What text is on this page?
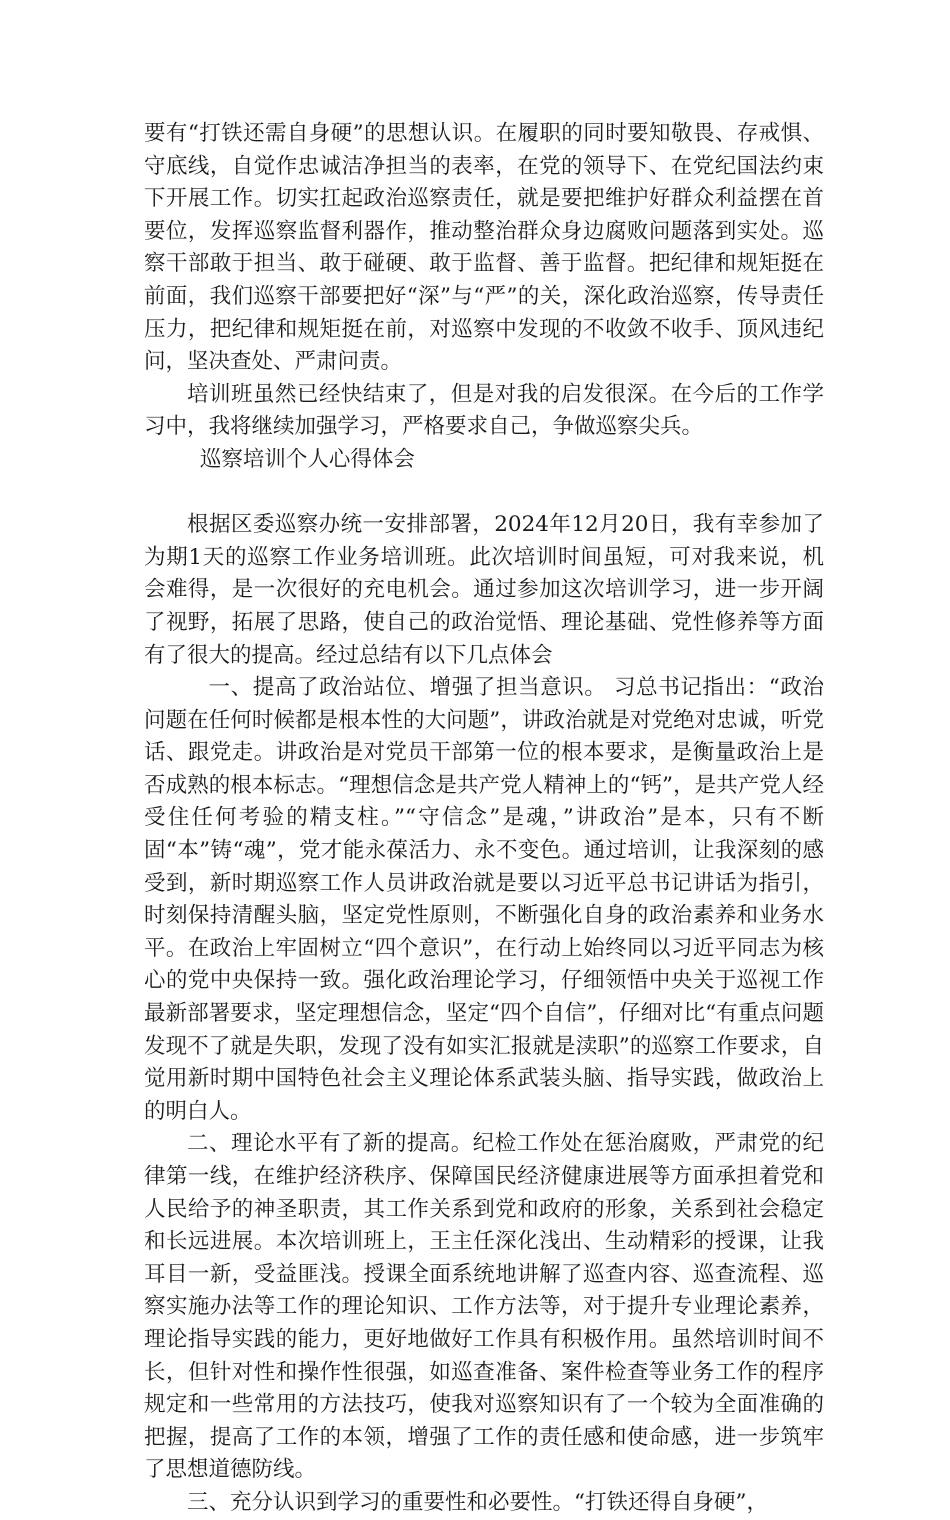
要有“打铁还需自身硬”的思想认识。在履职的同时要知敬畏、存戒惧、守底线，自觉作忠诚洁净担当的表率，在党的领导下、在党纪国法约束下开展工作。切实扛起政治巡察责任，就是要把维护好群众利益摆在首要位，发挥巡察监督利器作，推动整治群众身边腐败问题落到实处。巡察干部敢于担当、敢于碰硬、敢于监督、善于监督。把纪律和规矩挺在前面，我们巡察干部要把好“深”与“严”的关，深化政治巡察，传导责任压力，把纪律和规矩挺在前，对巡察中发现的不收敛不收手、顶风违纪问，坚决查处、严肃问责。

培训班虽然已经快结束了，但是对我的启发很深。在今后的工作学习中，我将继续加强学习，严格要求自己，争做巡察尖兵。

巡察培训个人心得体会

根据区委巡察办统一安排部署，2024年12月20日，我有幸参加了为期1天的巡察工作业务培训班。此次培训时间虽短，可对我来说，机会难得，是一次很好的充电机会。通过参加这次培训学习，进一步开阔了视野，拓展了思路，使自己的政治觉悟、理论基础、党性修养等方面有了很大的提高。经过总结有以下几点体会

一、提高了政治站位、增强了担当意识。 习总书记指出：“政治问题在任何时候都是根本性的大问题”，讲政治就是对党绝对忠诚，听党话、跟党走。讲政治是对党员干部第一位的根本要求，是衡量政治上是否成熟的根本标志。“理想信念是共产党人精神上的“钙”，是共产党人经受住任何考验的精支柱。”“守信念”是魂，”讲政治”是本，只有不断固“本”铸“魂”，党才能永葆活力、永不变色。通过培训，让我深刻的感受到，新时期巡察工作人员讲政治就是要以习近平总书记讲话为指引，时刻保持清醒头脑，坚定党性原则，不断强化自身的政治素养和业务水平。在政治上牢固树立“四个意识”，在行动上始终同以习近平同志为核心的党中央保持一致。强化政治理论学习，仔细领悟中央关于巡视工作最新部署要求，坚定理想信念，坚定“四个自信”，仔细对比“有重点问题发现不了就是失职，发现了没有如实汇报就是渎职”的巡察工作要求，自觉用新时期中国特色社会主义理论体系武装头脑、指导实践，做政治上的明白人。

二、理论水平有了新的提高。纪检工作处在惩治腐败，严肃党的纪律第一线，在维护经济秩序、保障国民经济健康进展等方面承担着党和人民给予的神圣职责，其工作关系到党和政府的形象，关系到社会稳定和长远进展。本次培训班上，王主任深化浅出、生动精彩的授课，让我耳目一新，受益匪浅。授课全面系统地讲解了巡查内容、巡查流程、巡察实施办法等工作的理论知识、工作方法等，对于提升专业理论素养，理论指导实践的能力，更好地做好工作具有积极作用。虽然培训时间不长，但针对性和操作性很强，如巡查准备、案件检查等业务工作的程序规定和一些常用的方法技巧，使我对巡察知识有了一个较为全面准确的把握，提高了工作的本领，增强了工作的责任感和使命感，进一步筑牢了思想道德防线。

三、充分认识到学习的重要性和必要性。“打铁还得自身硬”，
